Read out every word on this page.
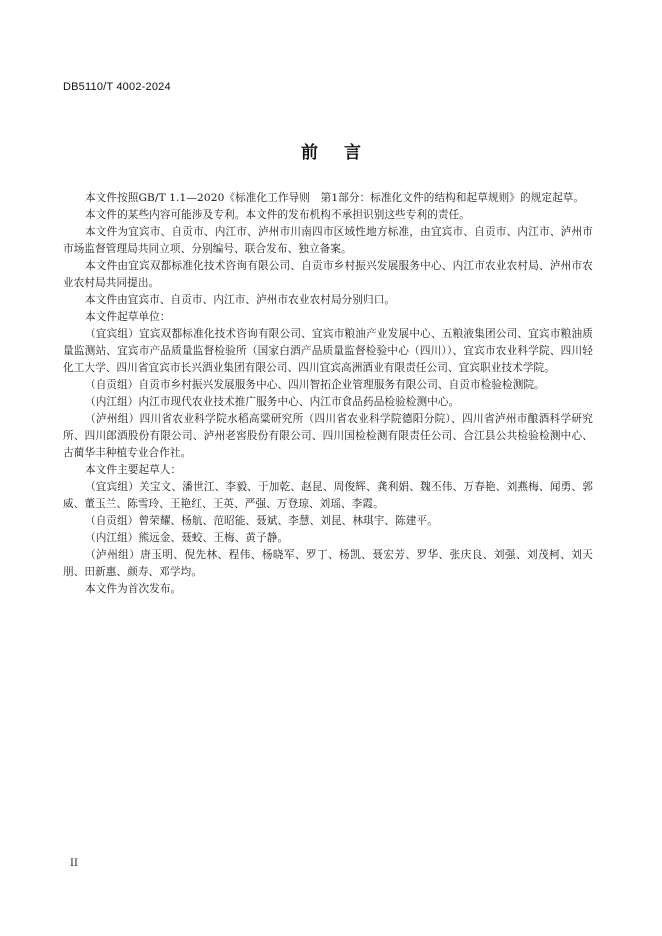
DB5110/T 4002-2024
前言

本文件按照GB/T 1.1—2020《标准化工作导则　第1部分：标准化文件的结构和起草规则》的规定起草。

本文件的某些内容可能涉及专利。本文件的发布机构不承担识别这些专利的责任。

本文件为宜宾市、自贡市、内江市、泸州市川南四市区域性地方标准，由宜宾市、自贡市、内江市、泸州市市场监督管理局共同立项、分别编号、联合发布、独立备案。

本文件由宜宾双都标准化技术咨询有限公司、自贡市乡村振兴发展服务中心、内江市农业农村局、泸州市农业农村局共同提出。

本文件由宜宾市、自贡市、内江市、泸州市农业农村局分别归口。

本文件起草单位：

（宜宾组）宜宾双都标准化技术咨询有限公司、宜宾市粮油产业发展中心、五粮液集团公司、宜宾市粮油质量监测站、宜宾市产品质量监督检验所（国家白酒产品质量监督检验中心（四川））、宜宾市农业科学院、四川轻化工大学、四川省宜宾市长兴酒业集团有限公司、四川宜宾高洲酒业有限责任公司、宜宾职业技术学院。

（自贡组）自贡市乡村振兴发展服务中心、四川智拓企业管理服务有限公司、自贡市检验检测院。

（内江组）内江市现代农业技术推广服务中心、内江市食品药品检验检测中心。

（泸州组）四川省农业科学院水稻高粱研究所（四川省农业科学院德阳分院）、四川省泸州市酿酒科学研究所、四川郎酒股份有限公司、泸州老窖股份有限公司、四川国检检测有限责任公司、合江县公共检验检测中心、古蔺华丰种植专业合作社。

本文件主要起草人：

（宜宾组）关宝文、潘世江、李毅、于加乾、赵昆、周俊辉、龚利娟、魏丕伟、万春艳、刘燕梅、闻勇、郭威、董玉兰、陈雪玲、王艳红、王英、严强、万登琼、刘瑶、李霞。

（自贡组）曾荣耀、杨航、范昭能、聂斌、李慧、刘昆、林琪宇、陈建平。

（内江组）熊远金、聂蛟、王梅、黄子静。

（泸州组）唐玉明、倪先林、程伟、杨晓军、罗丁、杨凯、聂宏芳、罗华、张庆良、刘强、刘茂柯、刘天朋、田新惠、颜寿、邓学均。

本文件为首次发布。

II
